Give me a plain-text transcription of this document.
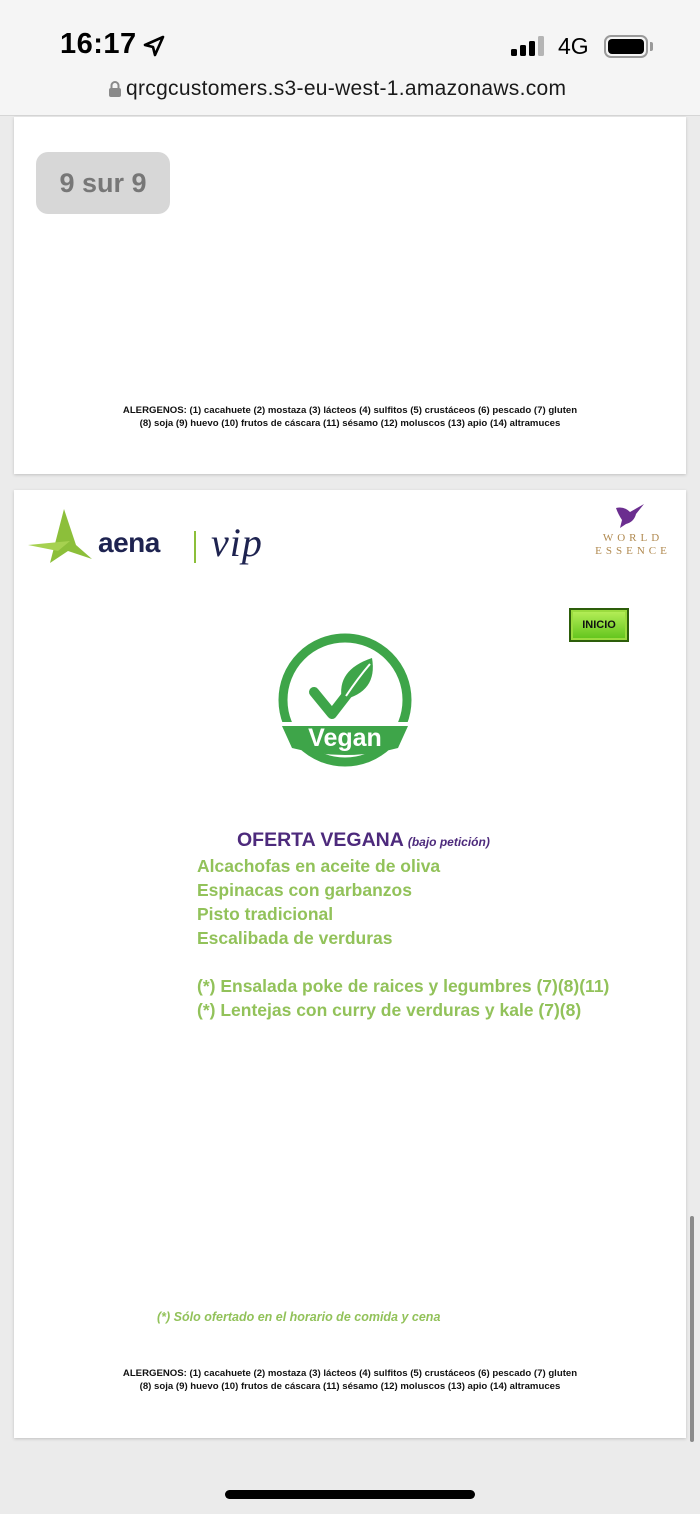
16:17	4G
qrcgcustomers.s3-eu-west-1.amazonaws.com
9 sur 9
ALERGENOS: (1) cacahuete (2) mostaza (3) lácteos (4) sulfitos (5) crustáceos (6) pescado (7) gluten
(8) soja (9) huevo (10) frutos de cáscara (11) sésamo (12) moluscos (13) apio (14) altramuces
aena vip	WORLD
ESSENCE
INICIO
Vegan
OFERTA VEGANA (bajo petición)
Alcachofas en aceite de oliva
Espinacas con garbanzos
Pisto tradicional
Escalibada de verduras
(*) Ensalada poke de raices y legumbres (7)(8)(11)
(*) Lentejas con curry de verduras y kale (7)(8)
(*) Sólo ofertado en el horario de comida y cena
ALERGENOS: (1) cacahuete (2) mostaza (3) lácteos (4) sulfitos (5) crustáceos (6) pescado (7) gluten
(8) soja (9) huevo (10) frutos de cáscara (11) sésamo (12) moluscos (13) apio (14) altramuces
